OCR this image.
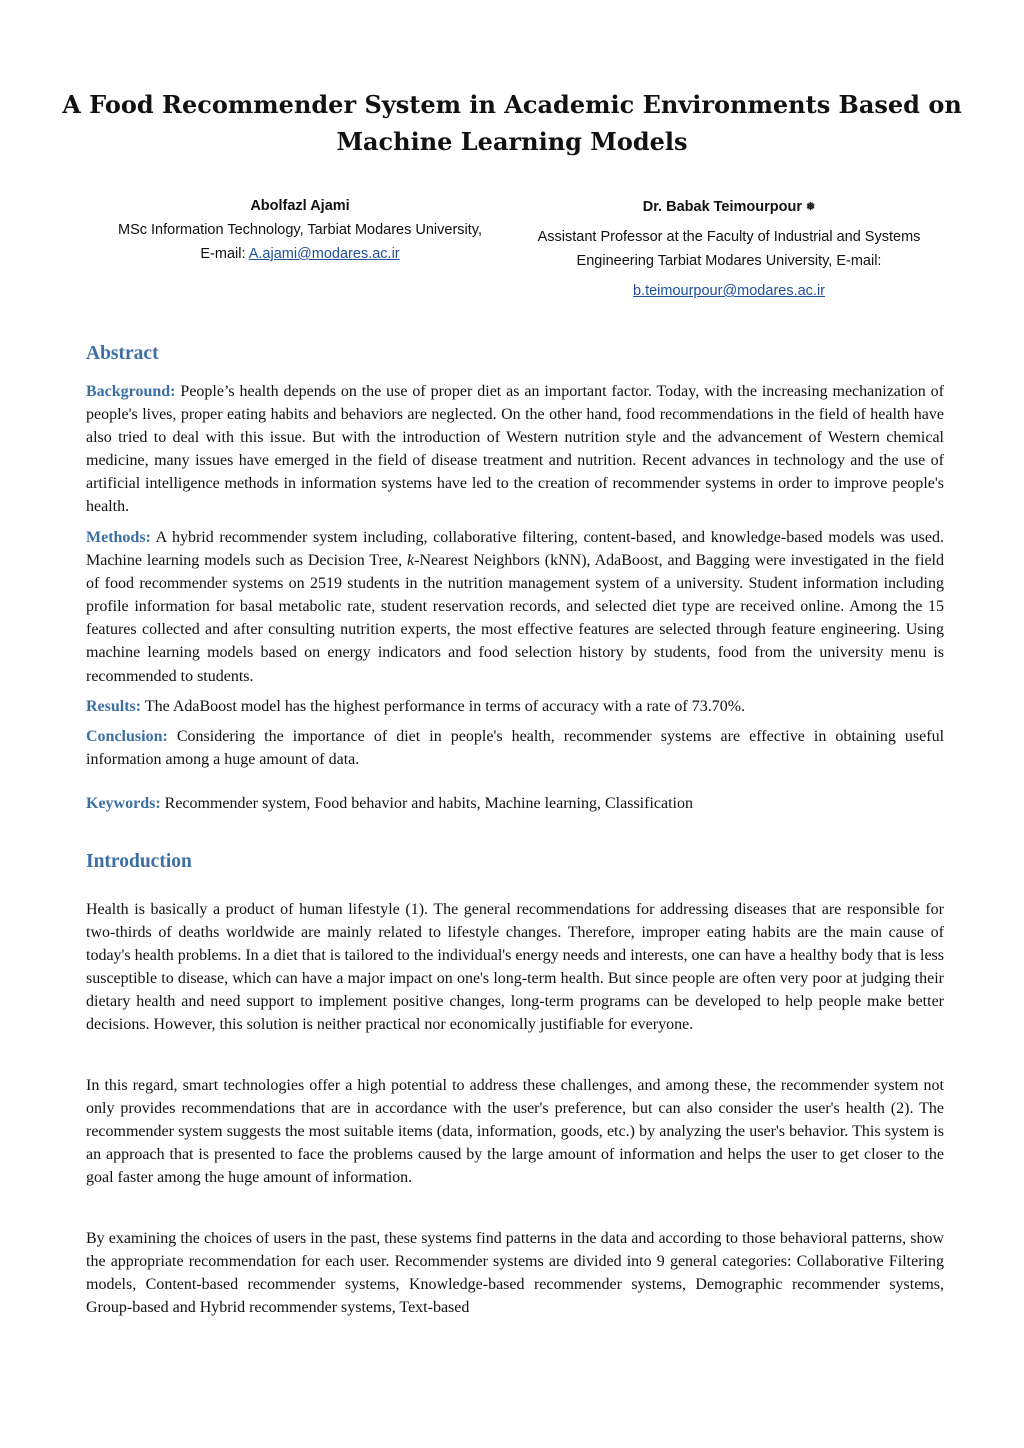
A Food Recommender System in Academic Environments Based on Machine Learning Models
Abolfazl Ajami
MSc Information Technology, Tarbiat Modares University,
E-mail: A.ajami@modares.ac.ir
Dr. Babak Teimourpour ❅
Assistant Professor at the Faculty of Industrial and Systems Engineering Tarbiat Modares University, E-mail:
b.teimourpour@modares.ac.ir
Abstract

Background: People’s health depends on the use of proper diet as an important factor. Today, with the increasing mechanization of people's lives, proper eating habits and behaviors are neglected. On the other hand, food recommendations in the field of health have also tried to deal with this issue. But with the introduction of Western nutrition style and the advancement of Western chemical medicine, many issues have emerged in the field of disease treatment and nutrition. Recent advances in technology and the use of artificial intelligence methods in information systems have led to the creation of recommender systems in order to improve people's health.

Methods: A hybrid recommender system including, collaborative filtering, content-based, and knowledge-based models was used. Machine learning models such as Decision Tree, k-Nearest Neighbors (kNN), AdaBoost, and Bagging were investigated in the field of food recommender systems on 2519 students in the nutrition management system of a university. Student information including profile information for basal metabolic rate, student reservation records, and selected diet type are received online. Among the 15 features collected and after consulting nutrition experts, the most effective features are selected through feature engineering. Using machine learning models based on energy indicators and food selection history by students, food from the university menu is recommended to students.

Results: The AdaBoost model has the highest performance in terms of accuracy with a rate of 73.70%.

Conclusion: Considering the importance of diet in people's health, recommender systems are effective in obtaining useful information among a huge amount of data.

Keywords: Recommender system, Food behavior and habits, Machine learning, Classification

Introduction

Health is basically a product of human lifestyle (1). The general recommendations for addressing diseases that are responsible for two-thirds of deaths worldwide are mainly related to lifestyle changes. Therefore, improper eating habits are the main cause of today's health problems. In a diet that is tailored to the individual's energy needs and interests, one can have a healthy body that is less susceptible to disease, which can have a major impact on one's long-term health. But since people are often very poor at judging their dietary health and need support to implement positive changes, long-term programs can be developed to help people make better decisions. However, this solution is neither practical nor economically justifiable for everyone.

In this regard, smart technologies offer a high potential to address these challenges, and among these, the recommender system not only provides recommendations that are in accordance with the user's preference, but can also consider the user's health (2). The recommender system suggests the most suitable items (data, information, goods, etc.) by analyzing the user's behavior. This system is an approach that is presented to face the problems caused by the large amount of information and helps the user to get closer to the goal faster among the huge amount of information.

By examining the choices of users in the past, these systems find patterns in the data and according to those behavioral patterns, show the appropriate recommendation for each user. Recommender systems are divided into 9 general categories: Collaborative Filtering models, Content-based recommender systems, Knowledge-based recommender systems, Demographic recommender systems, Group-based and Hybrid recommender systems, Text-based
